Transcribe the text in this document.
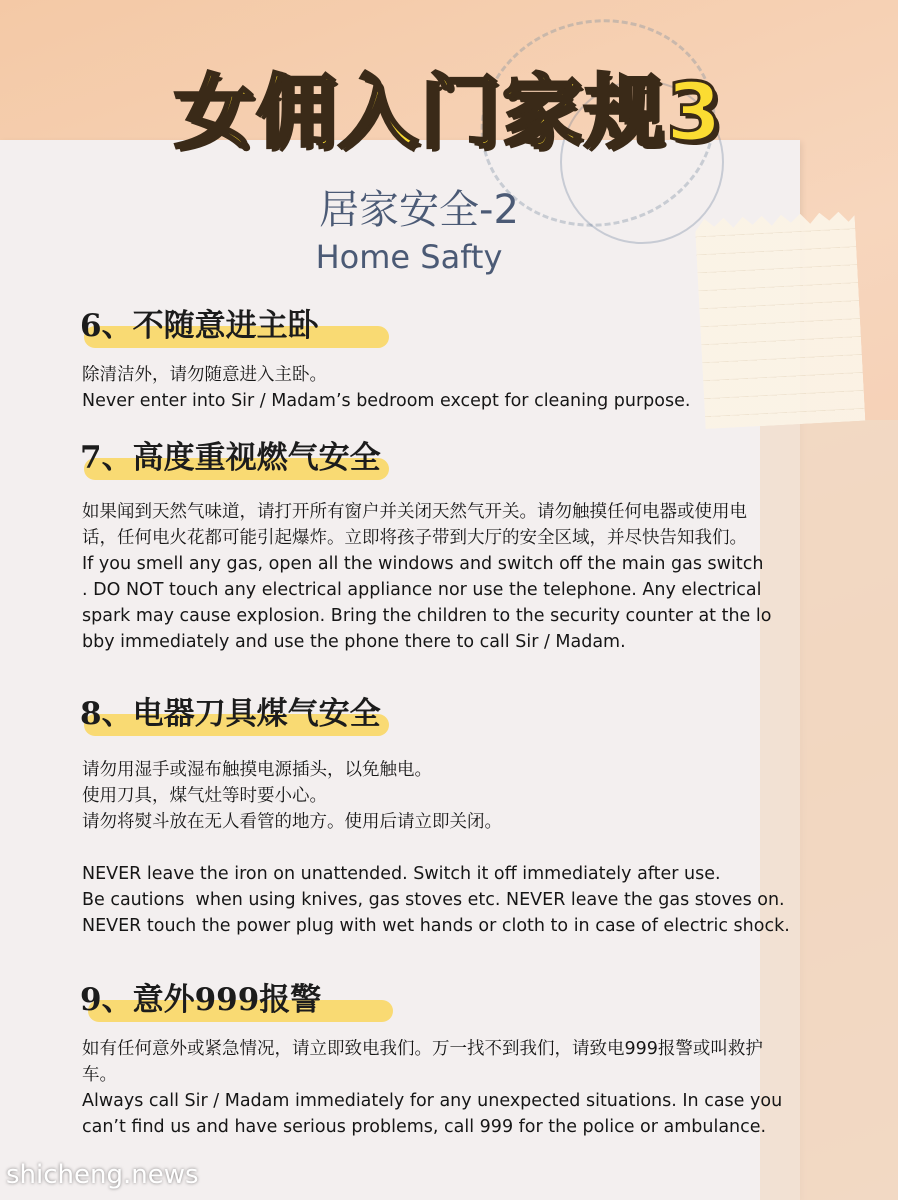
女佣入门家规3
居家安全-2
Home Safty
6、不随意进主卧
除清洁外，请勿随意进入主卧。
Never enter into Sir / Madam’s bedroom except for cleaning purpose.
7、高度重视燃气安全
如果闻到天然气味道，请打开所有窗户并关闭天然气开关。请勿触摸任何电器或使用电
话，任何电火花都可能引起爆炸。立即将孩子带到大厅的安全区域，并尽快告知我们。
If you smell any gas, open all the windows and switch off the main gas switch
. DO NOT touch any electrical appliance nor use the telephone. Any electrical
spark may cause explosion. Bring the children to the security counter at the lo
bby immediately and use the phone there to call Sir / Madam.
8、电器刀具煤气安全
请勿用湿手或湿布触摸电源插头，以免触电。
使用刀具，煤气灶等时要小心。
请勿将熨斗放在无人看管的地方。使用后请立即关闭。
NEVER leave the iron on unattended. Switch it off immediately after use.
Be cautions  when using knives, gas stoves etc. NEVER leave the gas stoves on.
NEVER touch the power plug with wet hands or cloth to in case of electric shock.
9、意外999报警
如有任何意外或紧急情况，请立即致电我们。万一找不到我们，请致电999报警或叫救护
车。
Always call Sir / Madam immediately for any unexpected situations. In case you
can’t find us and have serious problems, call 999 for the police or ambulance.
shicheng.news
